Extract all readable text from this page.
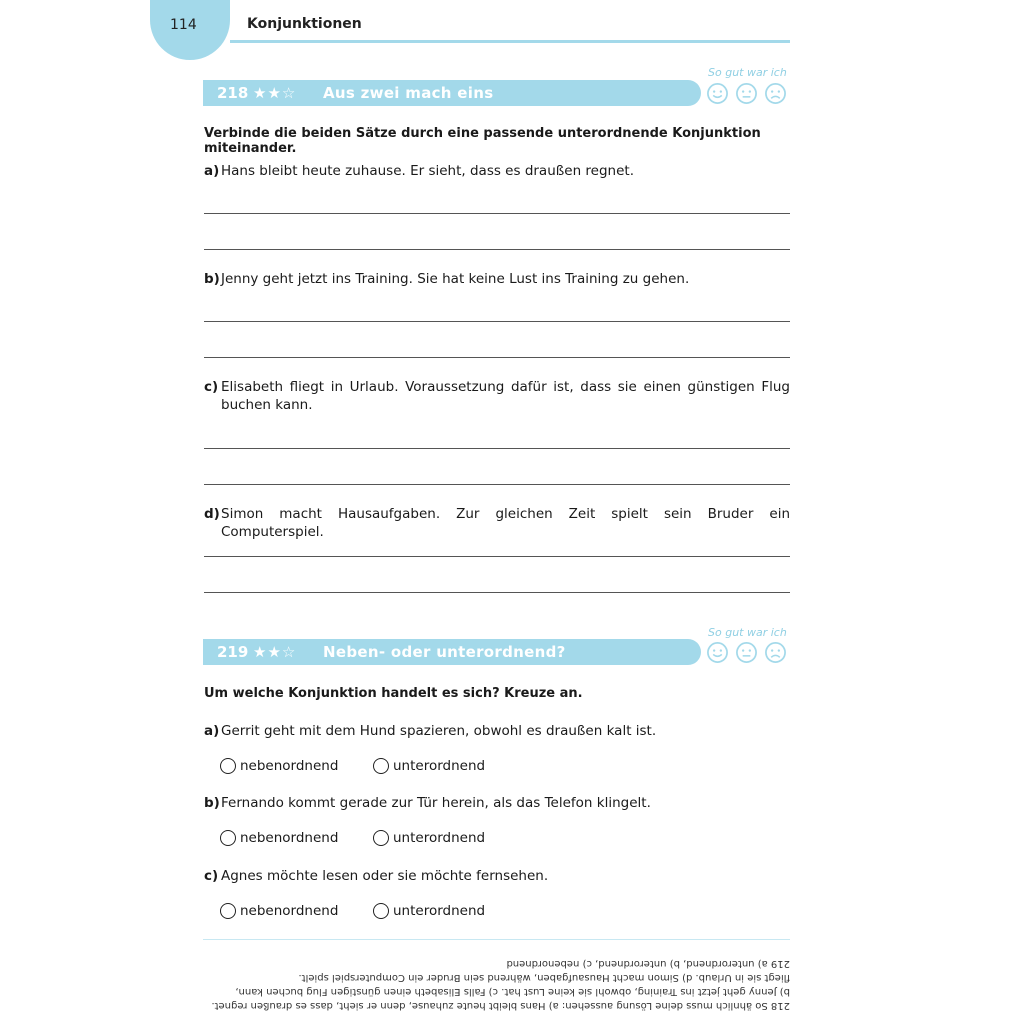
114	Konjunktionen
So gut war ich
218 ★★☆ Aus zwei mach eins
Verbinde die beiden Sätze durch eine passende unterordnende Konjunktion miteinander.
a) Hans bleibt heute zuhause. Er sieht, dass es draußen regnet.
b) Jenny geht jetzt ins Training. Sie hat keine Lust ins Training zu gehen.
c) Elisabeth fliegt in Urlaub. Voraussetzung dafür ist, dass sie einen günstigen Flug buchen kann.
d) Simon macht Hausaufgaben. Zur gleichen Zeit spielt sein Bruder ein Computerspiel.
So gut war ich
219 ★★☆ Neben- oder unterordnend?
Um welche Konjunktion handelt es sich? Kreuze an.
a) Gerrit geht mit dem Hund spazieren, obwohl es draußen kalt ist.
nebenordnend	unterordnend
b) Fernando kommt gerade zur Tür herein, als das Telefon klingelt.
nebenordnend	unterordnend
c) Agnes möchte lesen oder sie möchte fernsehen.
nebenordnend	unterordnend
218 So ähnlich muss deine Lösung aussehen: a) Hans bleibt heute zuhause, denn er sieht, dass es draußen regnet.
b) Jenny geht jetzt ins Training, obwohl sie keine Lust hat. c) Falls Elisabeth einen günstigen Flug buchen kann,
fliegt sie in Urlaub. d) Simon macht Hausaufgaben, während sein Bruder ein Computerspiel spielt.
219 a) unterordnend, b) unterordnend, c) nebenordnend
